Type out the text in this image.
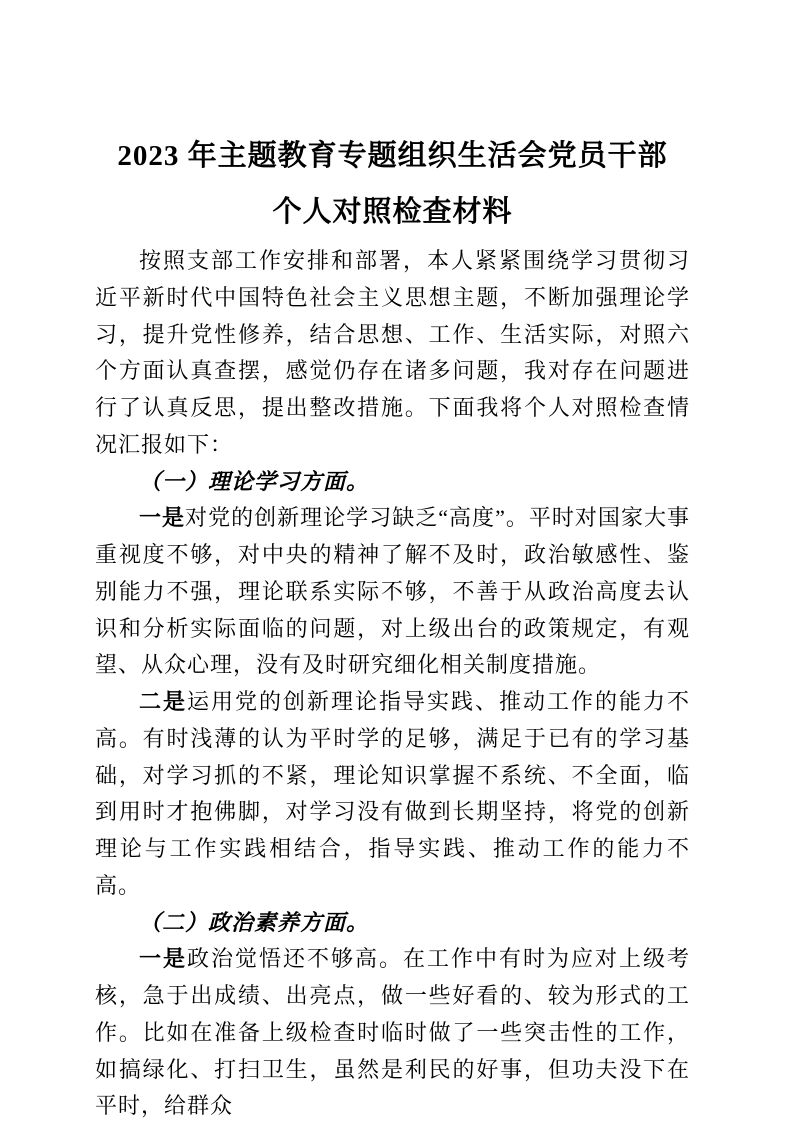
2023 年主题教育专题组织生活会党员干部
个人对照检查材料

按照支部工作安排和部署，本人紧紧围绕学习贯彻习近平新时代中国特色社会主义思想主题，不断加强理论学习，提升党性修养，结合思想、工作、生活实际，对照六个方面认真查摆，感觉仍存在诸多问题，我对存在问题进行了认真反思，提出整改措施。下面我将个人对照检查情况汇报如下：

（一）理论学习方面。

一是对党的创新理论学习缺乏“高度”。平时对国家大事重视度不够，对中央的精神了解不及时，政治敏感性、鉴别能力不强，理论联系实际不够，不善于从政治高度去认识和分析实际面临的问题，对上级出台的政策规定，有观望、从众心理，没有及时研究细化相关制度措施。

二是运用党的创新理论指导实践、推动工作的能力不高。有时浅薄的认为平时学的足够，满足于已有的学习基础，对学习抓的不紧，理论知识掌握不系统、不全面，临到用时才抱佛脚，对学习没有做到长期坚持，将党的创新理论与工作实践相结合，指导实践、推动工作的能力不高。

（二）政治素养方面。

一是政治觉悟还不够高。在工作中有时为应对上级考核，急于出成绩、出亮点，做一些好看的、较为形式的工作。比如在准备上级检查时临时做了一些突击性的工作，如搞绿化、打扫卫生，虽然是利民的好事，但功夫没下在平时，给群众
